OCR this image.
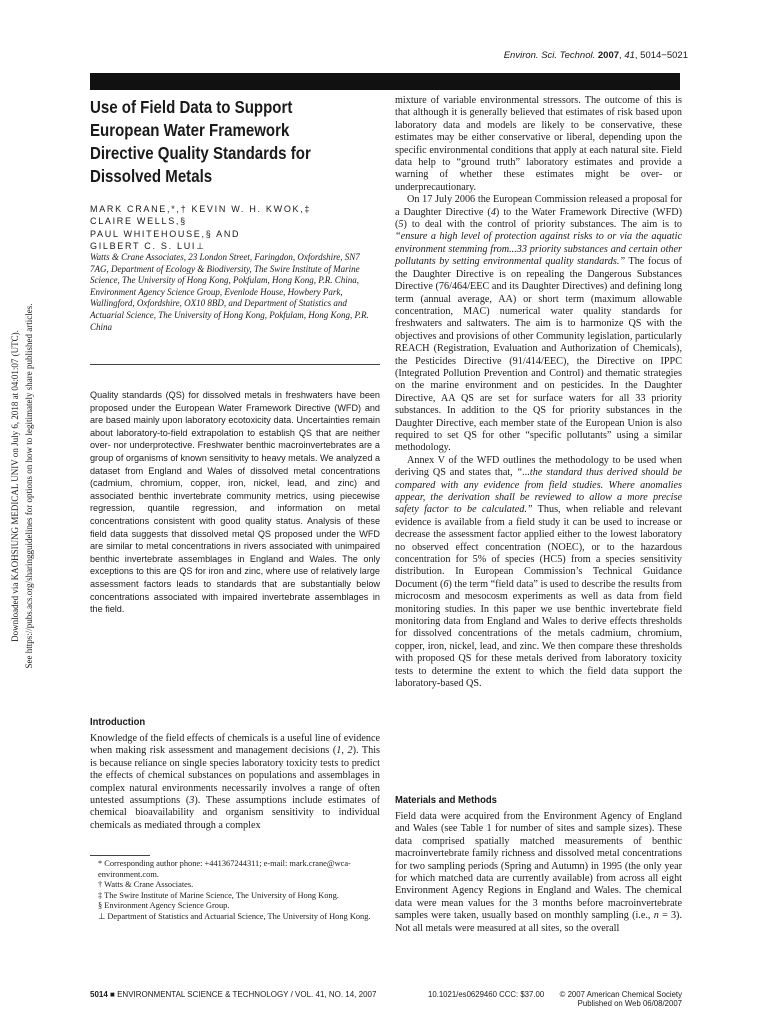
Environ. Sci. Technol. 2007, 41, 5014−5021
Downloaded via KAOHSIUNG MEDICAL UNIV on July 6, 2018 at 04:01:07 (UTC). See https://pubs.acs.org/sharingguidelines for options on how to legitimately share published articles.
Use of Field Data to Support European Water Framework Directive Quality Standards for Dissolved Metals
MARK CRANE,*,† KEVIN W. H. KWOK,‡
CLAIRE WELLS,§
PAUL WHITEHOUSE,§ AND
GILBERT C. S. LUI⊥
Watts & Crane Associates, 23 London Street, Faringdon, Oxfordshire, SN7 7AG, Department of Ecology & Biodiversity, The Swire Institute of Marine Science, The University of Hong Kong, Pokfulam, Hong Kong, P.R. China, Environment Agency Science Group, Evenlode House, Howbery Park, Wallingford, Oxfordshire, OX10 8BD, and Department of Statistics and Actuarial Science, The University of Hong Kong, Pokfulam, Hong Kong, P.R. China
Quality standards (QS) for dissolved metals in freshwaters have been proposed under the European Water Framework Directive (WFD) and are based mainly upon laboratory ecotoxicity data. Uncertainties remain about laboratory-to-field extrapolation to establish QS that are neither over- nor underprotective. Freshwater benthic macroinvertebrates are a group of organisms of known sensitivity to heavy metals. We analyzed a dataset from England and Wales of dissolved metal concentrations (cadmium, chromium, copper, iron, nickel, lead, and zinc) and associated benthic invertebrate community metrics, using piecewise regression, quantile regression, and information on metal concentrations consistent with good quality status. Analysis of these field data suggests that dissolved metal QS proposed under the WFD are similar to metal concentrations in rivers associated with unimpaired benthic invertebrate assemblages in England and Wales. The only exceptions to this are QS for iron and zinc, where use of relatively large assessment factors leads to standards that are substantially below concentrations associated with impaired invertebrate assemblages in the field.
Introduction

Knowledge of the field effects of chemicals is a useful line of evidence when making risk assessment and management decisions (1, 2). This is because reliance on single species laboratory toxicity tests to predict the effects of chemical substances on populations and assemblages in complex natural environments necessarily involves a range of often untested assumptions (3). These assumptions include estimates of chemical bioavailability and organism sensitivity to individual chemicals as mediated through a complex

* Corresponding author phone: +441367244311; e-mail: mark.crane@wca-environment.com.

† Watts & Crane Associates.

‡ The Swire Institute of Marine Science, The University of Hong Kong.

§ Environment Agency Science Group.

⊥ Department of Statistics and Actuarial Science, The University of Hong Kong.

mixture of variable environmental stressors. The outcome of this is that although it is generally believed that estimates of risk based upon laboratory data and models are likely to be conservative, these estimates may be either conservative or liberal, depending upon the specific environmental conditions that apply at each natural site. Field data help to “ground truth” laboratory estimates and provide a warning of whether these estimates might be over- or underprecautionary.

On 17 July 2006 the European Commission released a proposal for a Daughter Directive (4) to the Water Framework Directive (WFD) (5) to deal with the control of priority substances. The aim is to “ensure a high level of protection against risks to or via the aquatic environment stemming from...33 priority substances and certain other pollutants by setting environmental quality standards.” The focus of the Daughter Directive is on repealing the Dangerous Substances Directive (76/464/EEC and its Daughter Directives) and defining long term (annual average, AA) or short term (maximum allowable concentration, MAC) numerical water quality standards for freshwaters and saltwaters. The aim is to harmonize QS with the objectives and provisions of other Community legislation, particularly REACH (Registration, Evaluation and Authorization of Chemicals), the Pesticides Directive (91/414/EEC), the Directive on IPPC (Integrated Pollution Prevention and Control) and thematic strategies on the marine environment and on pesticides. In the Daughter Directive, AA QS are set for surface waters for all 33 priority substances. In addition to the QS for priority substances in the Daughter Directive, each member state of the European Union is also required to set QS for other “specific pollutants” using a similar methodology.

Annex V of the WFD outlines the methodology to be used when deriving QS and states that, “...the standard thus derived should be compared with any evidence from field studies. Where anomalies appear, the derivation shall be reviewed to allow a more precise safety factor to be calculated.” Thus, when reliable and relevant evidence is available from a field study it can be used to increase or decrease the assessment factor applied either to the lowest laboratory no observed effect concentration (NOEC), or to the hazardous concentration for 5% of species (HC5) from a species sensitivity distribution. In European Commission’s Technical Guidance Document (6) the term “field data” is used to describe the results from microcosm and mesocosm experiments as well as data from field monitoring studies. In this paper we use benthic invertebrate field monitoring data from England and Wales to derive effects thresholds for dissolved concentrations of the metals cadmium, chromium, copper, iron, nickel, lead, and zinc. We then compare these thresholds with proposed QS for these metals derived from laboratory toxicity tests to determine the extent to which the field data support the laboratory-based QS.

Materials and Methods

Field data were acquired from the Environment Agency of England and Wales (see Table 1 for number of sites and sample sizes). These data comprised spatially matched measurements of benthic macroinvertebrate family richness and dissolved metal concentrations for two sampling periods (Spring and Autumn) in 1995 (the only year for which matched data are currently available) from across all eight Environment Agency Regions in England and Wales. The chemical data were mean values for the 3 months before macroinvertebrate samples were taken, usually based on monthly sampling (i.e., n = 3). Not all metals were measured at all sites, so the overall

5014 ■ ENVIRONMENTAL SCIENCE & TECHNOLOGY / VOL. 41, NO. 14, 2007	10.1021/es0629460 CCC: $37.00	© 2007 American Chemical Society
Published on Web 06/08/2007
